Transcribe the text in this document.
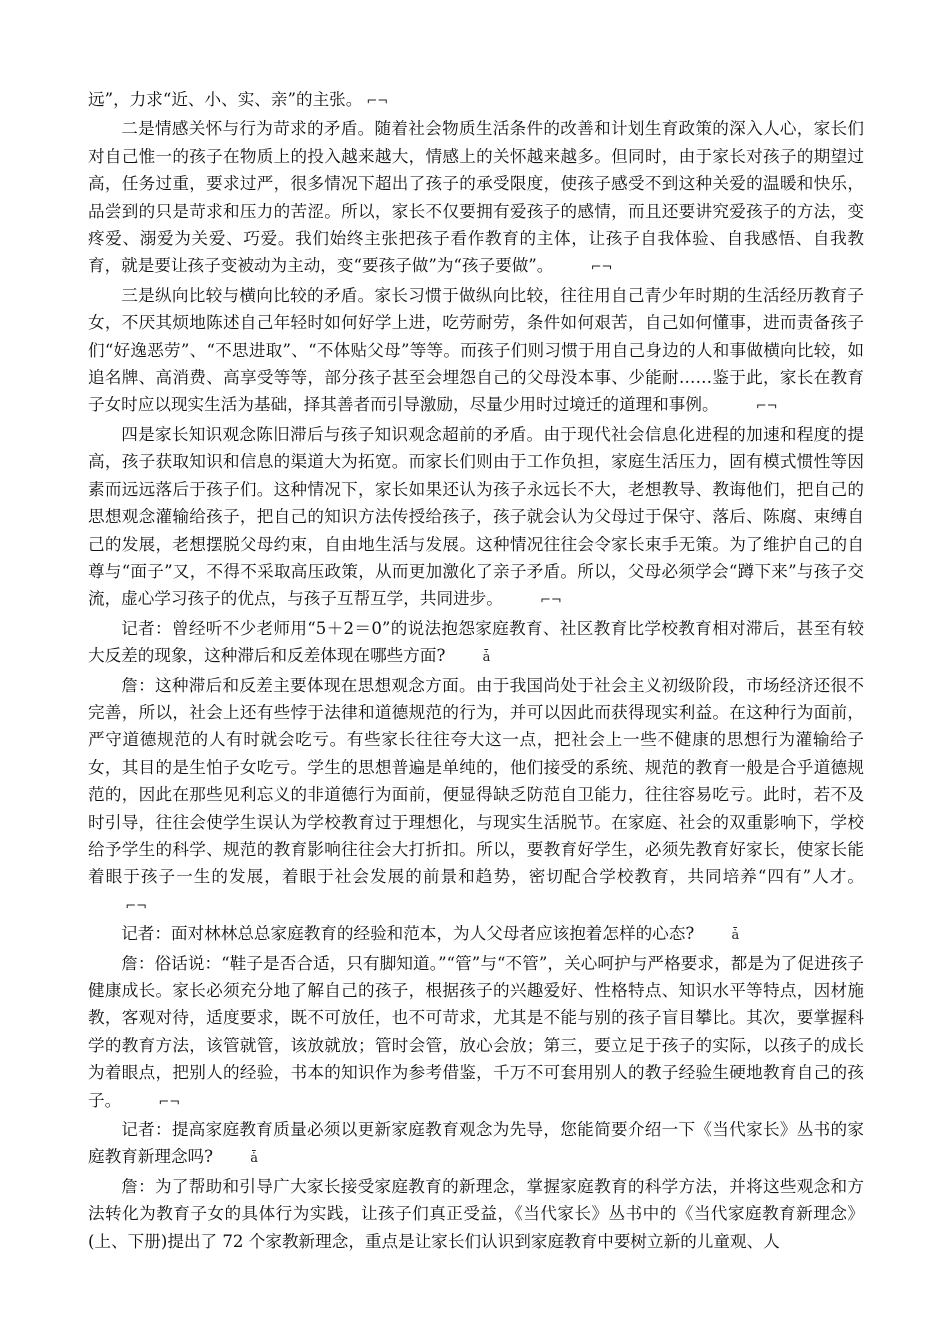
远”，力求“近、小、实、亲”的主张。 ⌐¬

二是情感关怀与行为苛求的矛盾。随着社会物质生活条件的改善和计划生育政策的深入人心，家长们对自己惟一的孩子在物质上的投入越来越大，情感上的关怀越来越多。但同时，由于家长对孩子的期望过高，任务过重，要求过严，很多情况下超出了孩子的承受限度，使孩子感受不到这种关爱的温暖和快乐，品尝到的只是苛求和压力的苦涩。所以，家长不仅要拥有爱孩子的感情，而且还要讲究爱孩子的方法，变疼爱、溺爱为关爱、巧爱。我们始终主张把孩子看作教育的主体，让孩子自我体验、自我感悟、自我教育，就是要让孩子变被动为主动，变“要孩子做”为“孩子要做”。	⌐¬

三是纵向比较与横向比较的矛盾。家长习惯于做纵向比较，往往用自己青少年时期的生活经历教育子女，不厌其烦地陈述自己年轻时如何好学上进，吃劳耐劳，条件如何艰苦，自己如何懂事，进而责备孩子们“好逸恶劳”、“不思进取”、“不体贴父母”等等。而孩子们则习惯于用自己身边的人和事做横向比较，如追名牌、高消费、高享受等等，部分孩子甚至会埋怨自己的父母没本事、少能耐……鉴于此，家长在教育子女时应以现实生活为基础，择其善者而引导激励，尽量少用时过境迁的道理和事例。	⌐¬

四是家长知识观念陈旧滞后与孩子知识观念超前的矛盾。由于现代社会信息化进程的加速和程度的提高，孩子获取知识和信息的渠道大为拓宽。而家长们则由于工作负担，家庭生活压力，固有模式惯性等因素而远远落后于孩子们。这种情况下，家长如果还认为孩子永远长不大，老想教导、教诲他们，把自己的思想观念灌输给孩子，把自己的知识方法传授给孩子，孩子就会认为父母过于保守、落后、陈腐、束缚自己的发展，老想摆脱父母约束，自由地生活与发展。这种情况往往会令家长束手无策。为了维护自己的自尊与“面子”又，不得不采取高压政策，从而更加激化了亲子矛盾。所以，父母必须学会“蹲下来”与孩子交流，虚心学习孩子的优点，与孩子互帮互学，共同进步。	⌐¬

记者：曾经听不少老师用“5＋2＝0”的说法抱怨家庭教育、社区教育比学校教育相对滞后，甚至有较大反差的现象，这种滞后和反差体现在哪些方面?	ǡ

詹：这种滞后和反差主要体现在思想观念方面。由于我国尚处于社会主义初级阶段，市场经济还很不完善，所以，社会上还有些悖于法律和道德规范的行为，并可以因此而获得现实利益。在这种行为面前，严守道德规范的人有时就会吃亏。有些家长往往夸大这一点，把社会上一些不健康的思想行为灌输给子女，其目的是生怕子女吃亏。学生的思想普遍是单纯的，他们接受的系统、规范的教育一般是合乎道德规范的，因此在那些见利忘义的非道德行为面前，便显得缺乏防范自卫能力，往往容易吃亏。此时，若不及时引导，往往会使学生误认为学校教育过于理想化，与现实生活脱节。在家庭、社会的双重影响下，学校给予学生的科学、规范的教育影响往往会大打折扣。所以，要教育好学生，必须先教育好家长，使家长能着眼于孩子一生的发展，着眼于社会发展的前景和趋势，密切配合学校教育，共同培养“四有”人才。⌐¬

记者：面对林林总总家庭教育的经验和范本，为人父母者应该抱着怎样的心态?	ǡ

詹：俗话说：“鞋子是否合适，只有脚知道。”“管”与“不管”，关心呵护与严格要求，都是为了促进孩子健康成长。家长必须充分地了解自己的孩子，根据孩子的兴趣爱好、性格特点、知识水平等特点，因材施教，客观对待，适度要求，既不可放任，也不可苛求，尤其是不能与别的孩子盲目攀比。其次，要掌握科学的教育方法，该管就管，该放就放；管时会管，放心会放；第三，要立足于孩子的实际，以孩子的成长为着眼点，把别人的经验，书本的知识作为参考借鉴，千万不可套用别人的教子经验生硬地教育自己的孩子。	⌐¬

记者：提高家庭教育质量必须以更新家庭教育观念为先导，您能简要介绍一下《当代家长》丛书的家庭教育新理念吗?	ǡ

詹：为了帮助和引导广大家长接受家庭教育的新理念，掌握家庭教育的科学方法，并将这些观念和方法转化为教育子女的具体行为实践，让孩子们真正受益，《当代家长》丛书中的《当代家庭教育新理念》(上、下册)提出了 72 个家教新理念，重点是让家长们认识到家庭教育中要树立新的儿童观、人
